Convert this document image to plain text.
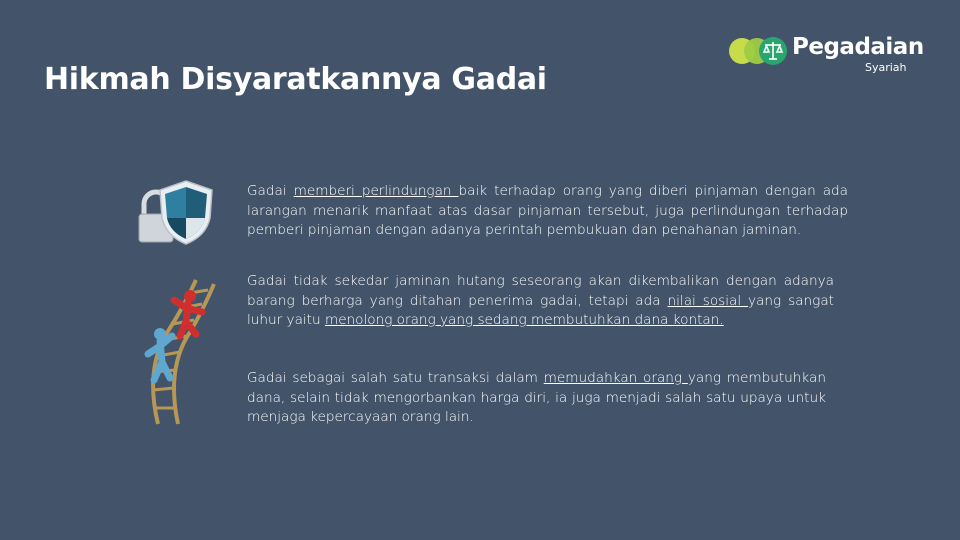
Hikmah Disyaratkannya Gadai
Pegadaian
Syariah
Gadai memberi perlindungan baik terhadap orang yang diberi pinjaman dengan ada larangan menarik manfaat atas dasar pinjaman tersebut, juga perlindungan terhadap pemberi pinjaman dengan adanya perintah pembukuan dan penahanan jaminan.
Gadai tidak sekedar jaminan hutang seseorang akan dikembalikan dengan adanya barang berharga yang ditahan penerima gadai, tetapi ada nilai sosial yang sangat luhur yaitu menolong orang yang sedang membutuhkan dana kontan.
Gadai sebagai salah satu transaksi dalam memudahkan orang yang membutuhkan dana, selain tidak mengorbankan harga diri, ia juga menjadi salah satu upaya untuk menjaga kepercayaan orang lain.
